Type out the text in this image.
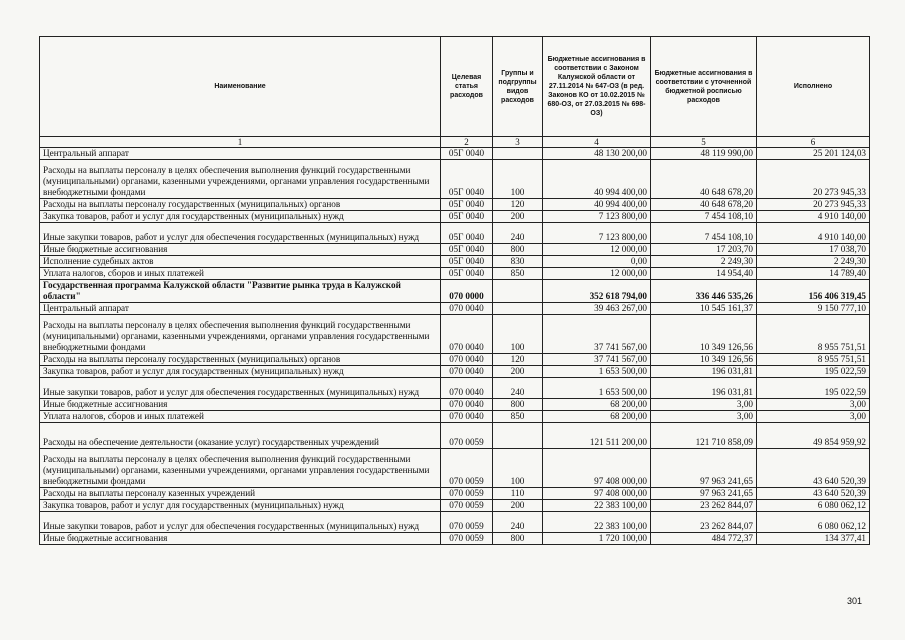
Наименование	Целевая статья расходов	Группы и подгруппы видов расходов	Бюджетные ассигнования в соответствии с Законом Калужской области от 27.11.2014 № 647-ОЗ (в ред. Законов КО от 10.02.2015 № 680-ОЗ, от 27.03.2015 № 698-ОЗ)	Бюджетные ассигнования в соответствии с уточненной бюджетной росписью расходов	Исполнено
1	2	3	4	5	6
Центральный аппарат	05Г 0040		48 130 200,00	48 119 990,00	25 201 124,03
Расходы на выплаты персоналу в целях обеспечения выполнения функций государственными (муниципальными) органами, казенными учреждениями, органами управления государственными внебюджетными фондами	05Г 0040	100	40 994 400,00	40 648 678,20	20 273 945,33
Расходы на выплаты персоналу государственных (муниципальных) органов	05Г 0040	120	40 994 400,00	40 648 678,20	20 273 945,33
Закупка товаров, работ и услуг для государственных (муниципальных) нужд	05Г 0040	200	7 123 800,00	7 454 108,10	4 910 140,00
Иные закупки товаров, работ и услуг для обеспечения государственных (муниципальных) нужд	05Г 0040	240	7 123 800,00	7 454 108,10	4 910 140,00
Иные бюджетные ассигнования	05Г 0040	800	12 000,00	17 203,70	17 038,70
Исполнение судебных актов	05Г 0040	830	0,00	2 249,30	2 249,30
Уплата налогов, сборов и иных платежей	05Г 0040	850	12 000,00	14 954,40	14 789,40
Государственная программа Калужской области "Развитие рынка труда в Калужской области"	070 0000		352 618 794,00	336 446 535,26	156 406 319,45
Центральный аппарат	070 0040		39 463 267,00	10 545 161,37	9 150 777,10
Расходы на выплаты персоналу в целях обеспечения выполнения функций государственными (муниципальными) органами, казенными учреждениями, органами управления государственными внебюджетными фондами	070 0040	100	37 741 567,00	10 349 126,56	8 955 751,51
Расходы на выплаты персоналу государственных (муниципальных) органов	070 0040	120	37 741 567,00	10 349 126,56	8 955 751,51
Закупка товаров, работ и услуг для государственных (муниципальных) нужд	070 0040	200	1 653 500,00	196 031,81	195 022,59
Иные закупки товаров, работ и услуг для обеспечения государственных (муниципальных) нужд	070 0040	240	1 653 500,00	196 031,81	195 022,59
Иные бюджетные ассигнования	070 0040	800	68 200,00	3,00	3,00
Уплата налогов, сборов и иных платежей	070 0040	850	68 200,00	3,00	3,00
Расходы на обеспечение деятельности (оказание услуг) государственных учреждений	070 0059		121 511 200,00	121 710 858,09	49 854 959,92
Расходы на выплаты персоналу в целях обеспечения выполнения функций государственными (муниципальными) органами, казенными учреждениями, органами управления государственными внебюджетными фондами	070 0059	100	97 408 000,00	97 963 241,65	43 640 520,39
Расходы на выплаты персоналу казенных учреждений	070 0059	110	97 408 000,00	97 963 241,65	43 640 520,39
Закупка товаров, работ и услуг для государственных (муниципальных) нужд	070 0059	200	22 383 100,00	23 262 844,07	6 080 062,12
Иные закупки товаров, работ и услуг для обеспечения государственных (муниципальных) нужд	070 0059	240	22 383 100,00	23 262 844,07	6 080 062,12
Иные бюджетные ассигнования	070 0059	800	1 720 100,00	484 772,37	134 377,41
301
